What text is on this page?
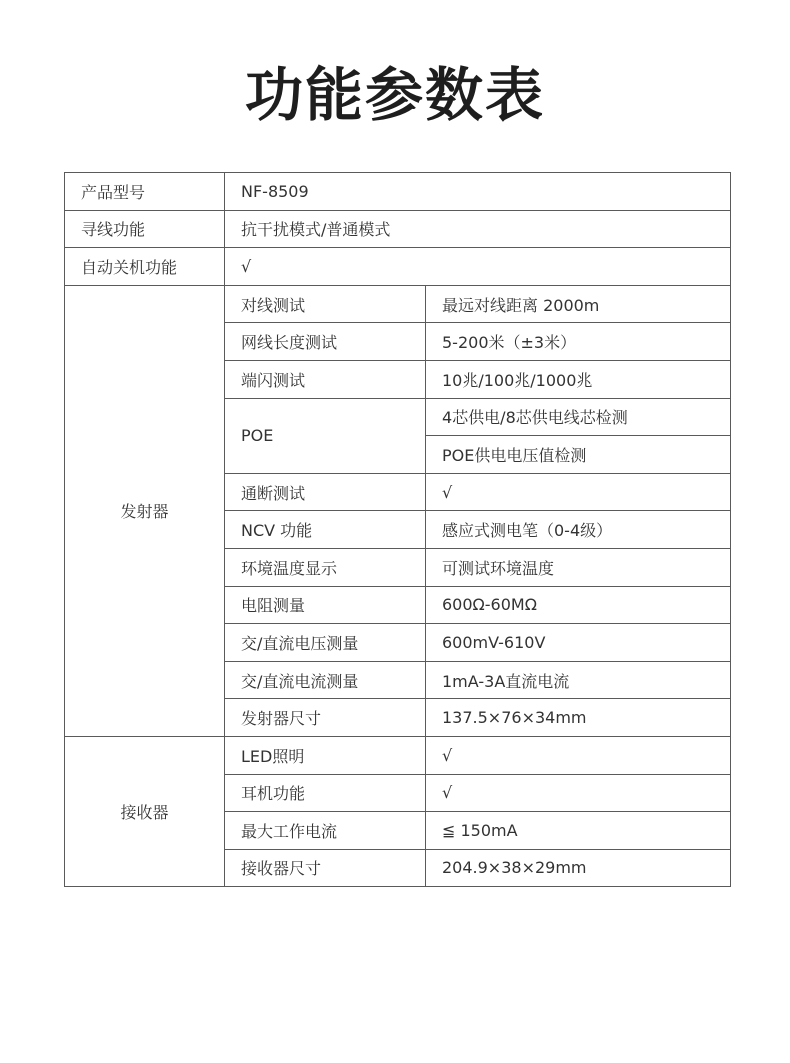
功能参数表
产品型号	NF-8509	
寻线功能	抗干扰模式/普通模式	
自动关机功能	√	
发射器	对线测试	最远对线距离 2000m
	网线长度测试	5-200米（±3米）
	端闪测试	10兆/100兆/1000兆
	POE	4芯供电/8芯供电线芯检测
		POE供电电压值检测
	通断测试	√
	NCV 功能	感应式测电笔（0-4级）
	环境温度显示	可测试环境温度
	电阻测量	600Ω-60MΩ
	交/直流电压测量	600mV-610V
	交/直流电流测量	1mA-3A直流电流
	发射器尺寸	137.5×76×34mm
接收器	LED照明	√
	耳机功能	√
	最大工作电流	≦ 150mA
	接收器尺寸	204.9×38×29mm
